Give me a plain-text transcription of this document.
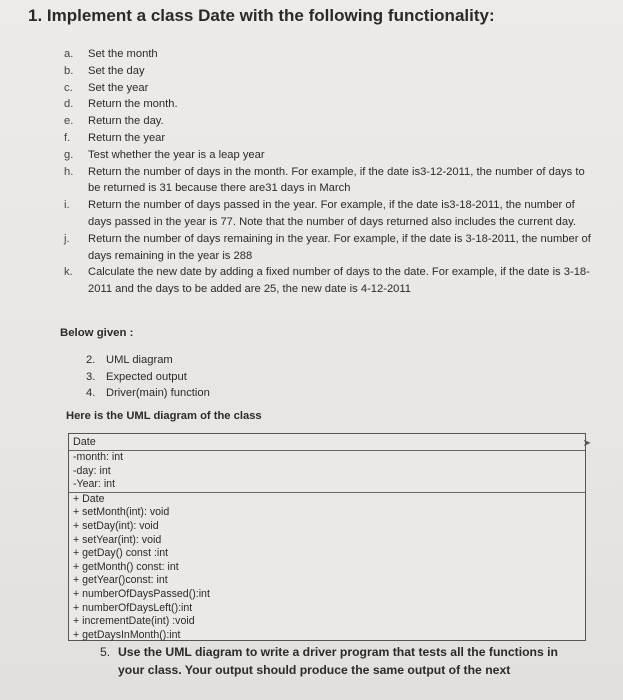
1. Implement a class Date with the following functionality:
a.	Set the month
b.	Set the day
c.	Set the year
d.	Return the month.
e.	Return the day.
f.	Return the year
g.	Test whether the year is a leap year
h.	Return the number of days in the month. For example, if the date is3-12-2011, the number of days to be returned is 31 because there are31 days in March
i.	Return the number of days passed in the year. For example, if the date is3-18-2011, the number of days passed in the year is 77. Note that the number of days returned also includes the current day.
j.	Return the number of days remaining in the year. For example, if the date is 3-18-2011, the number of days remaining in the year is 288
k.	Calculate the new date by adding a fixed number of days to the date. For example, if the date is 3-18-2011 and the days to be added are 25, the new date is 4-12-2011
Below given :
2. UML diagram
3. Expected output
4. Driver(main) function
Here is the UML diagram of the class
➤
Date
-month: int
-day: int
-Year: int
+ Date
+ setMonth(int): void
+ setDay(int): void
+ setYear(int): void
+ getDay() const :int
+ getMonth() const: int
+ getYear()const: int
+ numberOfDaysPassed():int
+ numberOfDaysLeft():int
+ incrementDate(int) :void
+ getDaysInMonth():int
5. Use the UML diagram to write a driver program that tests all the functions in your class. Your output should produce the same output of the next
